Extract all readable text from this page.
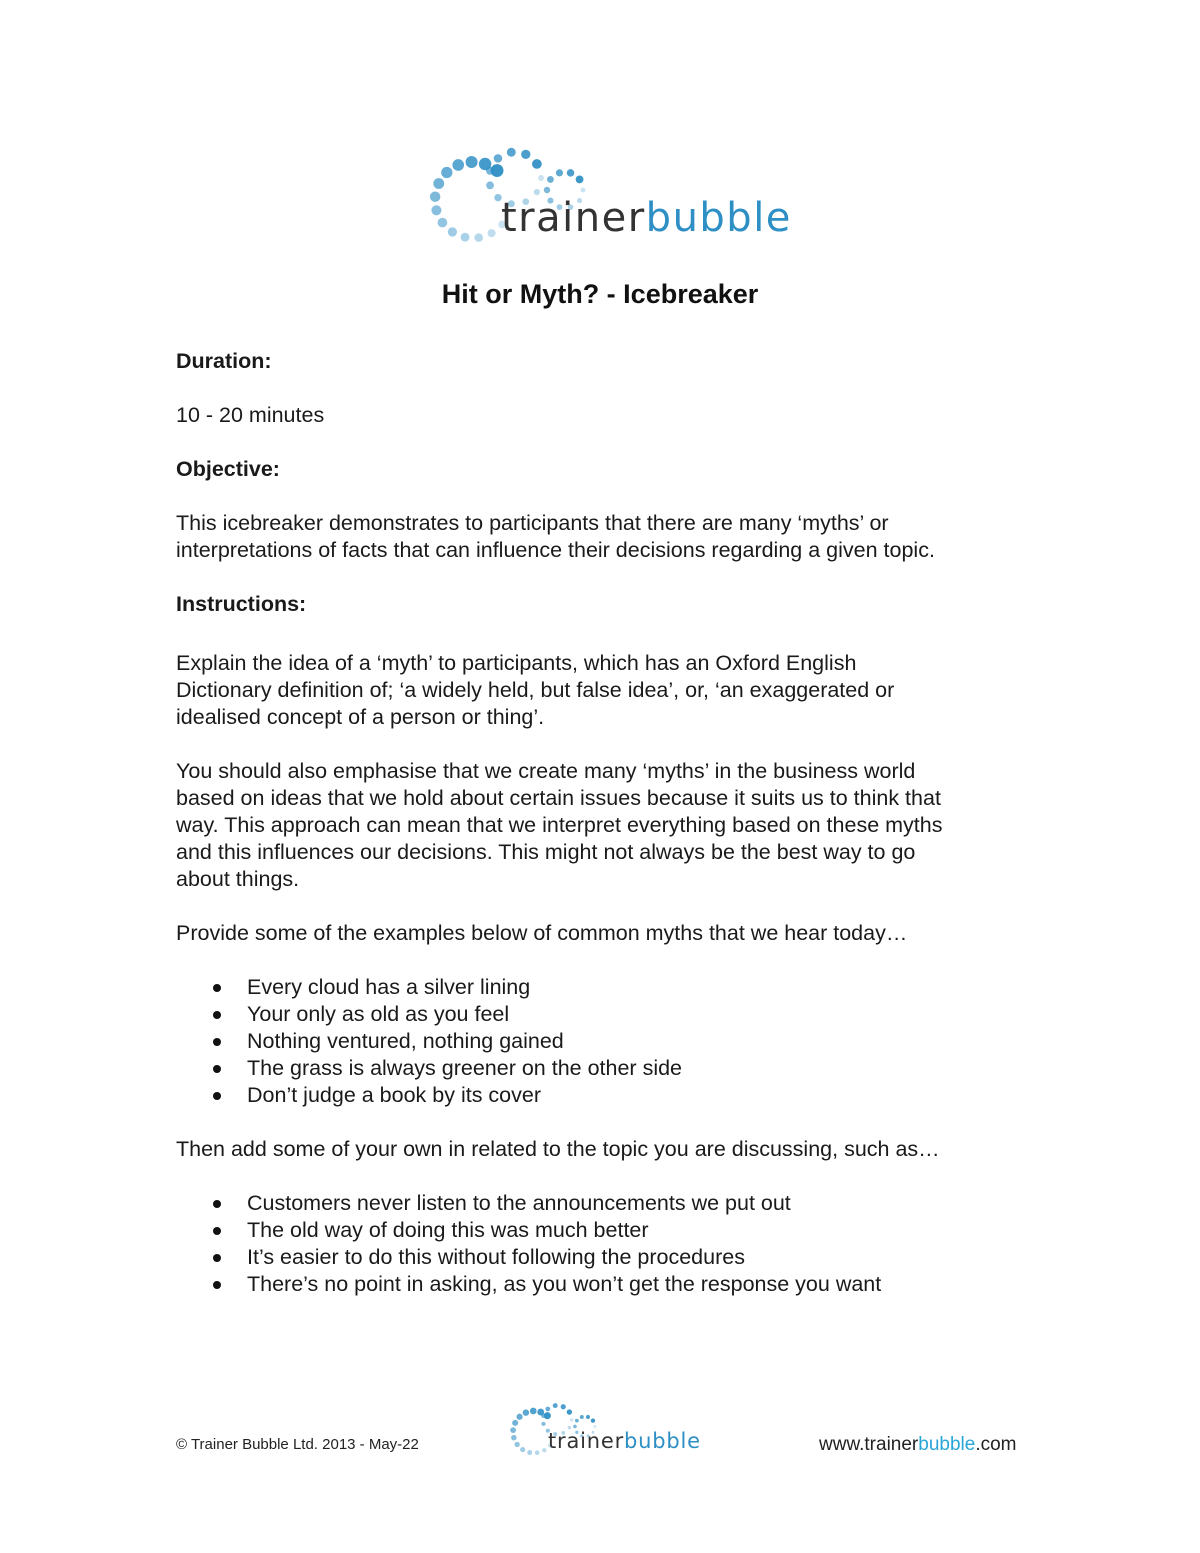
trainerbubble
Hit or Myth? - Icebreaker

Duration:

10 - 20 minutes

Objective:

This icebreaker demonstrates to participants that there are many ‘myths’ or

interpretations of facts that can influence their decisions regarding a given topic.

Instructions:

Explain the idea of a ‘myth’ to participants, which has an Oxford English

Dictionary definition of; ‘a widely held, but false idea’, or, ‘an exaggerated or

idealised concept of a person or thing’.

You should also emphasise that we create many ‘myths’ in the business world

based on ideas that we hold about certain issues because it suits us to think that

way. This approach can mean that we interpret everything based on these myths

and this influences our decisions. This might not always be the best way to go

about things.

Provide some of the examples below of common myths that we hear today…

Every cloud has a silver lining
Your only as old as you feel
Nothing ventured, nothing gained
The grass is always greener on the other side
Don’t judge a book by its cover

Then add some of your own in related to the topic you are discussing, such as…

Customers never listen to the announcements we put out
The old way of doing this was much better
It’s easier to do this without following the procedures
There’s no point in asking, as you won’t get the response you want
© Trainer Bubble Ltd. 2013 - May-22	trainerbubble	www.trainerbubble.com
